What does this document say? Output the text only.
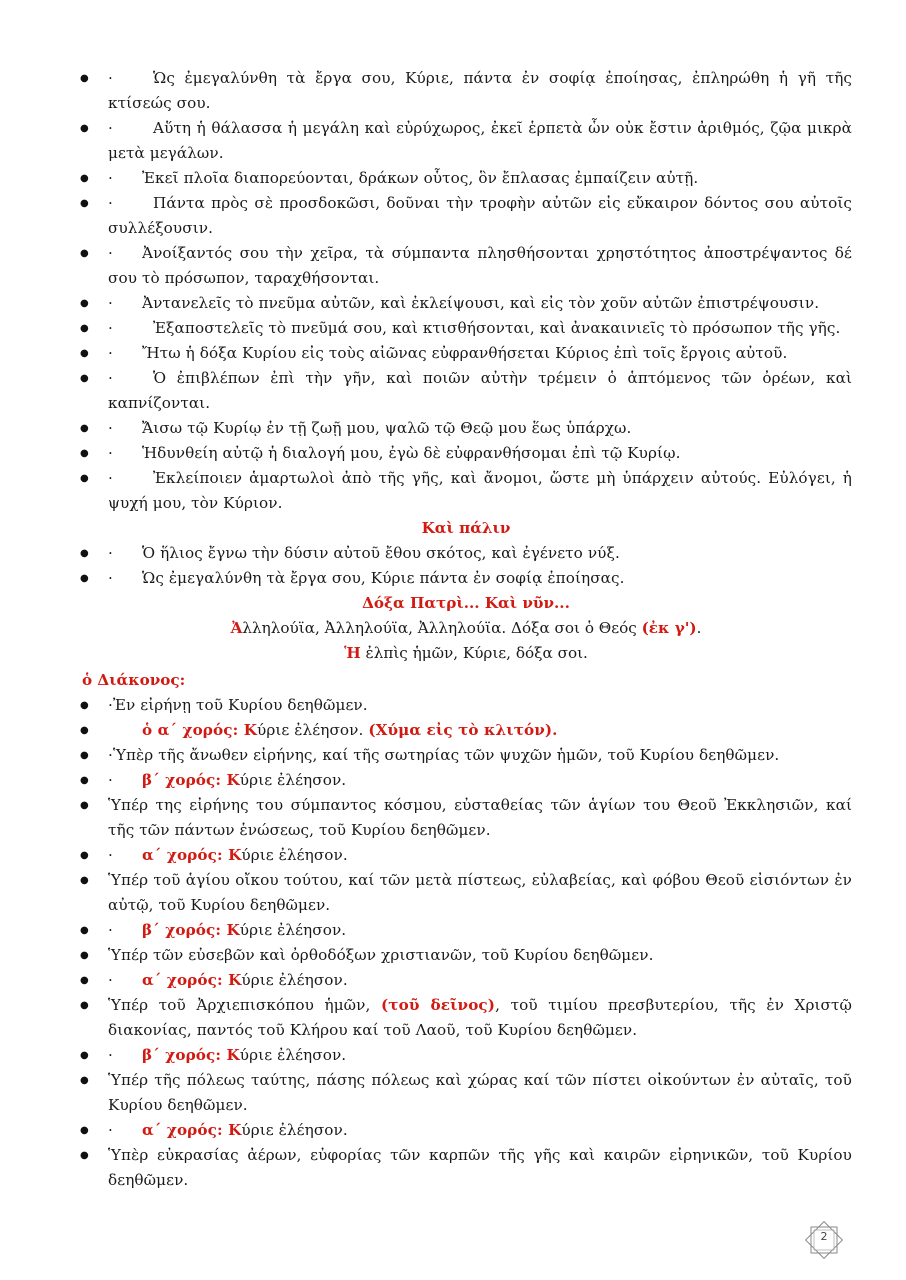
● ·	Ὡς ἐμεγαλύνθη τὰ ἔργα σου, Κύριε, πάντα ἐν σοφίᾳ ἐποίησας, ἐπληρώθη ἡ γῆ τῆς κτίσεώς σου.
● ·	Αὕτη ἡ θάλασσα ἡ μεγάλη καὶ εὐρύχωρος, ἐκεῖ ἑρπετὰ ὧν οὐκ ἔστιν ἀριθμός, ζῷα μικρὰ μετὰ μεγάλων.
● · Ἐκεῖ πλοῖα διαπορεύονται, δράκων οὗτος, ὃν ἔπλασας ἐμπαίζειν αὐτῇ.
● ·	Πάντα πρὸς σὲ προσδοκῶσι, δοῦναι τὴν τροφὴν αὐτῶν εἰς εὔκαιρον δόντος σου αὐτοῖς συλλέξουσιν.
● · Ἀνοίξαντός σου τὴν χεῖρα, τὰ σύμπαντα πλησθήσονται χρηστότητος ἀποστρέψαντος δέ σου τὸ πρόσωπον, ταραχθήσονται.
● · Ἀντανελεῖς τὸ πνεῦμα αὐτῶν, καὶ ἐκλείψουσι, καὶ εἰς τὸν χοῦν αὐτῶν ἐπιστρέψουσιν.
● ·	Ἐξαποστελεῖς τὸ πνεῦμά σου, καὶ κτισθήσονται, καὶ ἀνακαινιεῖς τὸ πρόσωπον τῆς γῆς.
● · Ἤτω ἡ δόξα Κυρίου εἰς τοὺς αἰῶνας εὐφρανθήσεται Κύριος ἐπὶ τοῖς ἔργοις αὐτοῦ.
● ·	Ὁ ἐπιβλέπων ἐπὶ τὴν γῆν, καὶ ποιῶν αὐτὴν τρέμειν ὁ ἁπτόμενος τῶν ὀρέων, καὶ καπνίζονται.
● · Ἄισω τῷ Κυρίῳ ἐν τῇ ζωῇ μου, ψαλῶ τῷ Θεῷ μου ἕως ὑπάρχω.
● · Ἡδυνθείη αὐτῷ ἡ διαλογή μου, ἐγὼ δὲ εὐφρανθήσομαι ἐπὶ τῷ Κυρίῳ.
● ·	Ἐκλείποιεν ἁμαρτωλοὶ ἀπὸ τῆς γῆς, καὶ ἄνομοι, ὥστε μὴ ὑπάρχειν αὐτούς. Εὐλόγει, ἡ ψυχή μου, τὸν Κύριον.
Καὶ πάλιν
● · Ὁ ἥλιος ἔγνω τὴν δύσιν αὐτοῦ ἔθου σκότος, καὶ ἐγένετο νύξ.
● · Ὡς ἐμεγαλύνθη τὰ ἔργα σου, Κύριε πάντα ἐν σοφίᾳ ἐποίησας.
Δόξα Πατρὶ... Καὶ νῦν...
Ἀλληλούϊα, Ἀλληλούϊα, Ἀλληλούϊα. Δόξα σοι ὁ Θεός (ἐκ γ').
Ἡ ἐλπὶς ἡμῶν, Κύριε, δόξα σοι.
ὁ Διάκονος:
● ·Ἐν εἰρήνῃ τοῦ Κυρίου δεηθῶμεν.
● ὁ α΄ χορός: Κύριε ἐλέησον. (Χύμα εἰς τὸ κλιτόν).
● ·Ὑπὲρ τῆς ἄνωθεν εἰρήνης, καί τῆς σωτηρίας τῶν ψυχῶν ἡμῶν, τοῦ Κυρίου δεηθῶμεν.
● · β΄ χορός: Κύριε ἐλέησον.
● Ὑπέρ της εἰρήνης του σύμπαντος κόσμου, εὐσταθείας τῶν ἁγίων του Θεοῦ Ἐκκλησιῶν, καί τῆς τῶν πάντων ἑνώσεως, τοῦ Κυρίου δεηθῶμεν.
● · α΄ χορός: Κύριε ἐλέησον.
● Ὑπέρ τοῦ ἁγίου οἴκου τούτου, καί τῶν μετὰ πίστεως, εὐλαβείας, καὶ φόβου Θεοῦ εἰσιόντων ἐν αὐτῷ, τοῦ Κυρίου δεηθῶμεν.
● · β΄ χορός: Κύριε ἐλέησον.
● Ὑπέρ τῶν εὐσεβῶν καὶ ὀρθοδόξων χριστιανῶν, τοῦ Κυρίου δεηθῶμεν.
● · α΄ χορός: Κύριε ἐλέησον.
● Ὑπέρ τοῦ Ἀρχιεπισκόπου ἡμῶν, (τοῦ δεῖνος), τοῦ τιμίου πρεσβυτερίου, τῆς ἐν Χριστῷ διακονίας, παντός τοῦ Κλήρου καί τοῦ Λαοῦ, τοῦ Κυρίου δεηθῶμεν.
● · β΄ χορός: Κύριε ἐλέησον.
● Ὑπέρ τῆς πόλεως ταύτης, πάσης πόλεως καὶ χώρας καί τῶν πίστει οἰκούντων ἐν αὐταῖς, τοῦ Κυρίου δεηθῶμεν.
● · α΄ χορός: Κύριε ἐλέησον.
● Ὑπὲρ εὐκρασίας ἀέρων, εὐφορίας τῶν καρπῶν τῆς γῆς καὶ καιρῶν εἰρηνικῶν, τοῦ Κυρίου δεηθῶμεν.
2
